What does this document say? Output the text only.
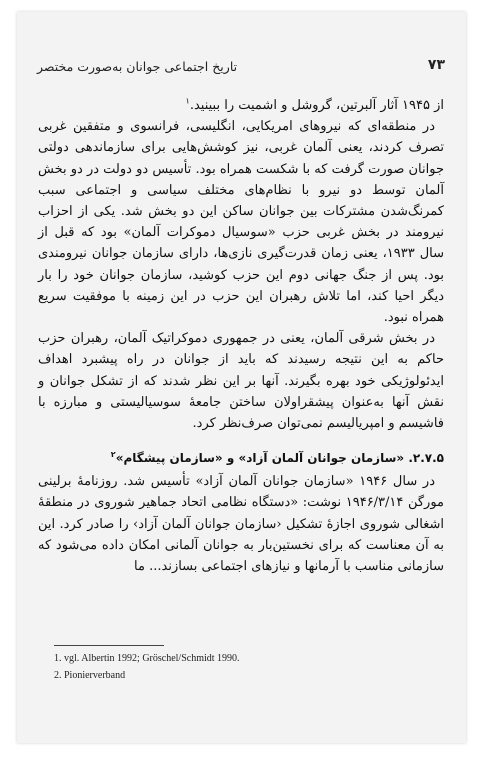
۷۳
تاریخ اجتماعی جوانان به‌صورت مختصر

از ۱۹۴۵ آثار آلبرتین، گروشل و اشمیت را ببینید.$^۱$

در منطقه‌ای که نیروهای امریکایی، انگلیسی، فرانسوی و متفقین غربی تصرف کردند، یعنی آلمان غربی، نیز کوشش‌هایی برای سازماندهی دولتی جوانان صورت گرفت که با شکست همراه بود. تأسیس دو دولت در دو بخش آلمان توسط دو نیرو با نظام‌های مختلف سیاسی و اجتماعی سبب کمرنگ‌شدن مشترکات بین جوانان ساکن این دو بخش شد. یکی از احزاب نیرومند در بخش غربی حزب «سوسیال دموکرات آلمان» بود که قبل از سال ۱۹۳۳، یعنی زمان قدرت‌گیری نازی‌ها، دارای سازمان جوانان نیرومندی بود. پس از جنگ جهانی دوم این حزب کوشید، سازمان جوانان خود را بار دیگر احیا کند، اما تلاش رهبران این حزب در این زمینه با موفقیت سریع همراه نبود.

در بخش شرقی آلمان، یعنی در جمهوری دموکراتیک آلمان، رهبران حزب حاکم به این نتیجه رسیدند که باید از جوانان در راه پیشبرد اهداف ایدئولوژیکی خود بهره بگیرند. آنها بر این نظر شدند که از تشکل جوانان و نقش آنها به‌عنوان پیشقراولان ساختن جامعهٔ سوسیالیستی و مبارزه با فاشیسم و امپریالیسم نمی‌توان صرف‌نظر کرد.

۲.۷.۵. «سازمان جوانان آلمان آزاد» و «سازمان پیشگام»$^۲$

در سال ۱۹۴۶ «سازمان جوانان آلمان آزاد» تأسیس شد. روزنامهٔ برلینی مورگن ۱۹۴۶/۳/۱۴ نوشت: «دستگاه نظامی اتحاد جماهیر شوروی در منطقهٔ اشغالی شوروی اجازهٔ تشکیل ‹سازمان جوانان آلمان آزاد› را صادر کرد. این به آن معناست که برای نخستین‌بار به جوانان آلمانی امکان داده می‌شود که سازمانی مناسب با آرمانها و نیازهای اجتماعی بسازند... ما

1. vgl. Albertin 1992; Gröschel/Schmidt 1990.
2. Pionierverband
